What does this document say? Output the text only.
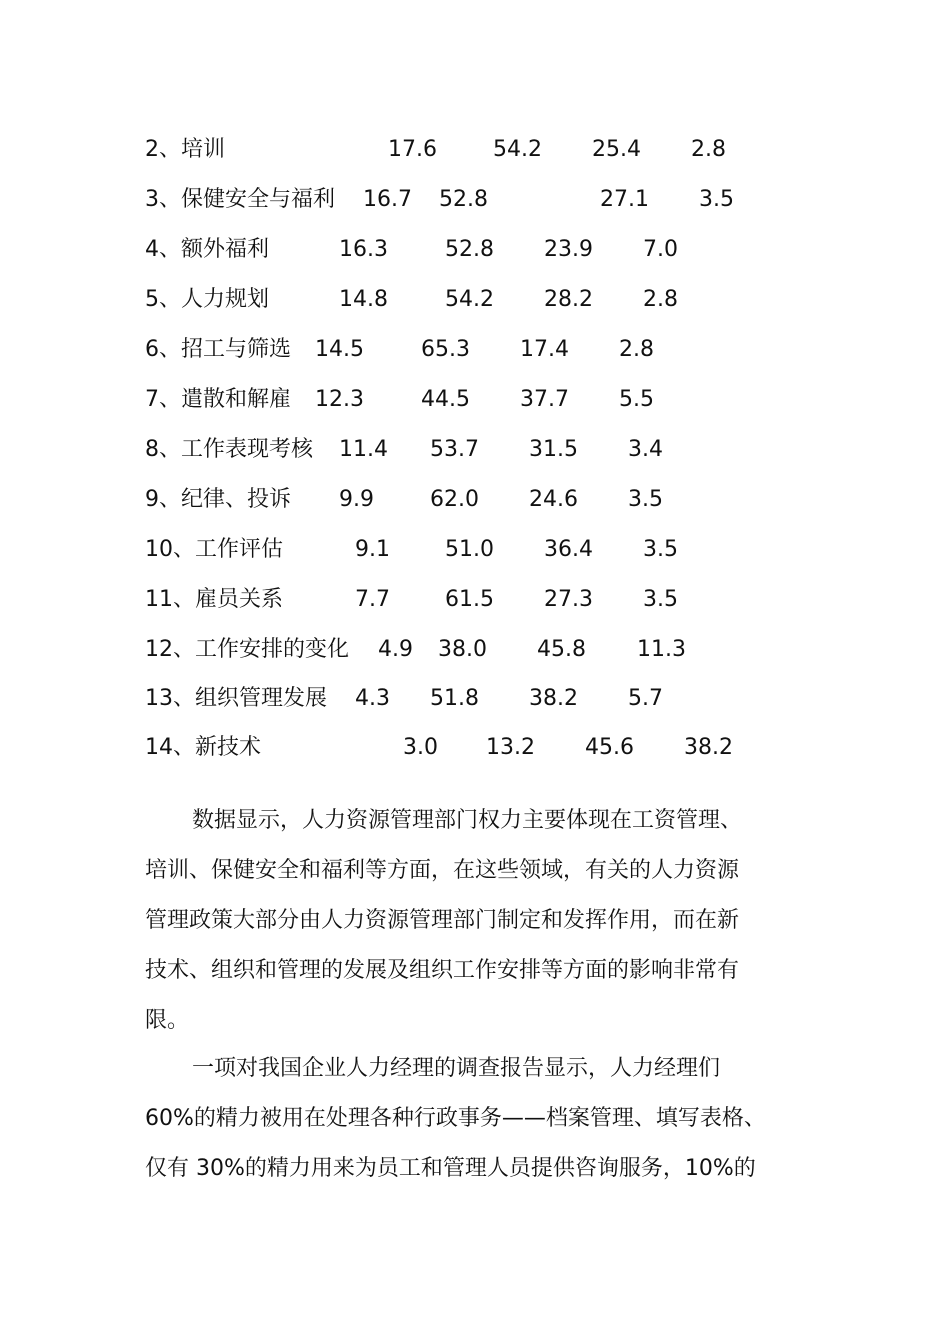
2、培训	17.6	54.2 25.4 2.8
3、保健安全与福利 16.7 52.8	27.1 3.5
4、额外福利	16.3	52.8 23.9 7.0
5、人力规划	14.8	54.2 28.2 2.8
6、招工与筛选 14.5	65.3 17.4 2.8
7、遣散和解雇 12.3	44.5 37.7 5.5
8、工作表现考核 11.4 53.7 31.5 3.4
9、纪律、投诉 9.9	62.0 24.6 3.5
10、工作评估	9.1	51.0 36.4 3.5
11、雇员关系	7.7	61.5 27.3 3.5
12、工作安排的变化 4.9 38.0 45.8 11.3
13、组织管理发展 4.3 51.8 38.2 5.7
14、新技术	3.0 13.2 45.6 38.2

数据显示，人力资源管理部门权力主要体现在工资管理、
培训、保健安全和福利等方面，在这些领域，有关的人力资源
管理政策大部分由人力资源管理部门制定和发挥作用，而在新
技术、组织和管理的发展及组织工作安排等方面的影响非常有
限。

一项对我国企业人力经理的调查报告显示，人力经理们
60%的精力被用在处理各种行政事务——档案管理、填写表格、
仅有 30%的精力用来为员工和管理人员提供咨询服务，10%的
